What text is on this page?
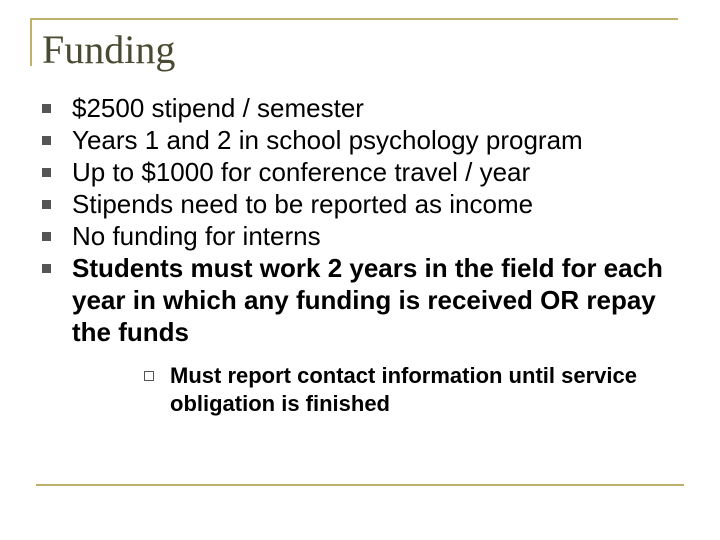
Funding
$2500 stipend / semester
Years 1 and 2 in school psychology program
Up to $1000 for conference travel / year
Stipends need to be reported as income
No funding for interns
Students must work 2 years in the field for each year in which any funding is received OR repay the funds
Must report contact information until service obligation is finished
